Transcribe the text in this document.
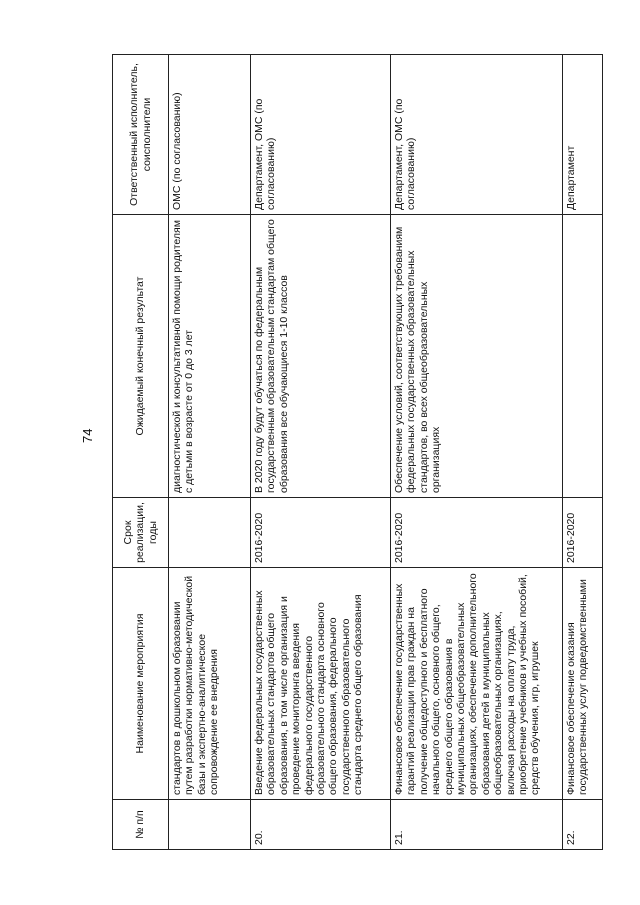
74
№ п/п	Наименование мероприятия	Срок реализации, годы	Ожидаемый конечный результат	Ответственный исполнитель, соисполнители
	стандартов в дошкольном образовании путем разработки нормативно-методической базы и экспертно-аналитическое сопровождение ее внедрения		диагностической и консультативной помощи родителям с детьми в возрасте от 0 до 3 лет	ОМС (по согласованию)
20.	Введение федеральных государственных образовательных стандартов общего образования, в том числе организация и проведение мониторинга введения федерального государственного образовательного стандарта основного общего образования, федерального государственного образовательного стандарта среднего общего образования	2016-2020	В 2020 году будут обучаться по федеральным государственным образовательным стандартам общего образования все обучающиеся 1-10 классов	Департамент, ОМС (по согласованию)
21.	Финансовое обеспечение государственных гарантий реализации прав граждан на получение общедоступного и бесплатного начального общего, основного общего, среднего общего образования в муниципальных общеобразовательных организациях, обеспечение дополнительного образования детей в муниципальных общеобразовательных организациях, включая расходы на оплату труда, приобретение учебников и учебных пособий, средств обучения, игр, игрушек	2016-2020	Обеспечение условий, соответствующих требованиям федеральных государственных образовательных стандартов, во всех общеобразовательных организациях	Департамент, ОМС (по согласованию)
22.	Финансовое обеспечение оказания государственных услуг подведомственными	2016-2020		Департамент
